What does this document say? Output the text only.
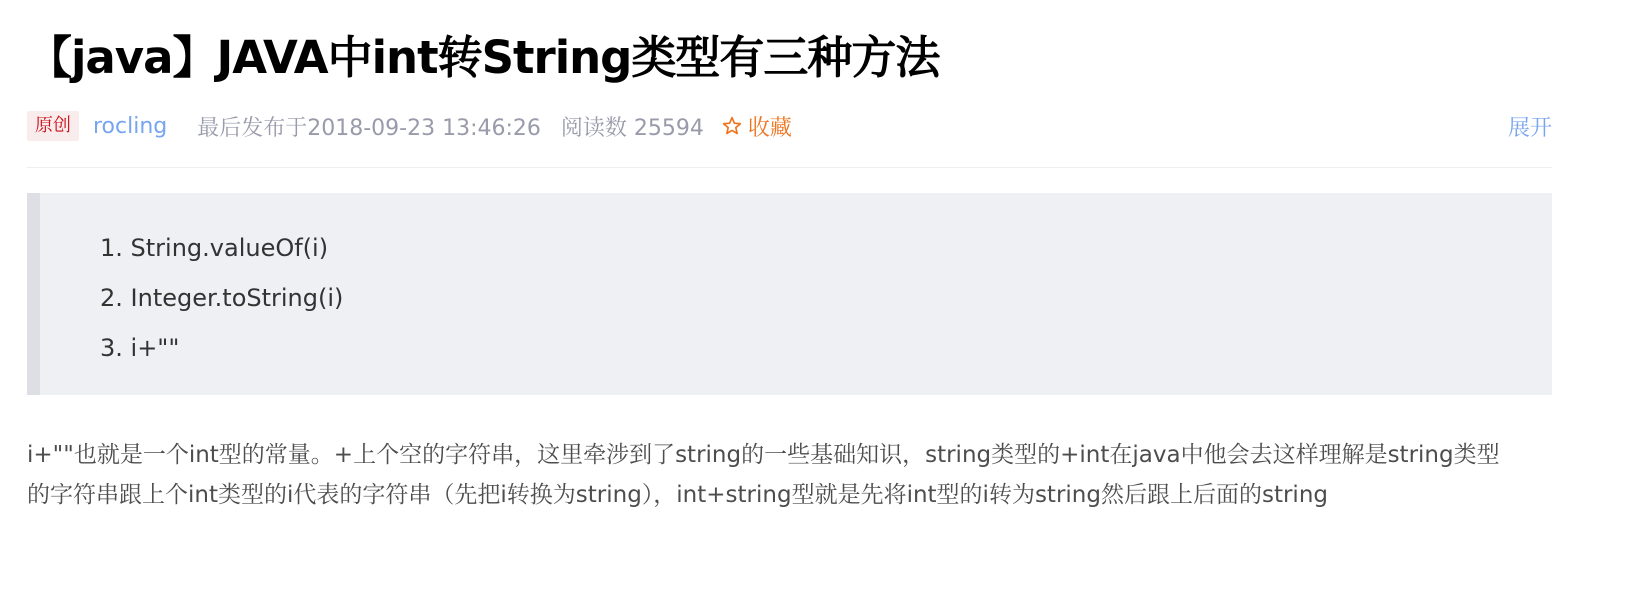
【java】JAVA中int转String类型有三种方法
原创	rocling 最后发布于2018-09-23 13:46:26 阅读数 25594 收藏	展开
1. String.valueOf(i)
2. Integer.toString(i)
3. i+""

i+""也就是一个int型的常量。+上个空的字符串，这里牵涉到了string的一些基础知识，string类型的+int在java中他会去这样理解是string类型的字符串跟上个int类型的i代表的字符串（先把i转换为string），int+string型就是先将int型的i转为string然后跟上后面的string
